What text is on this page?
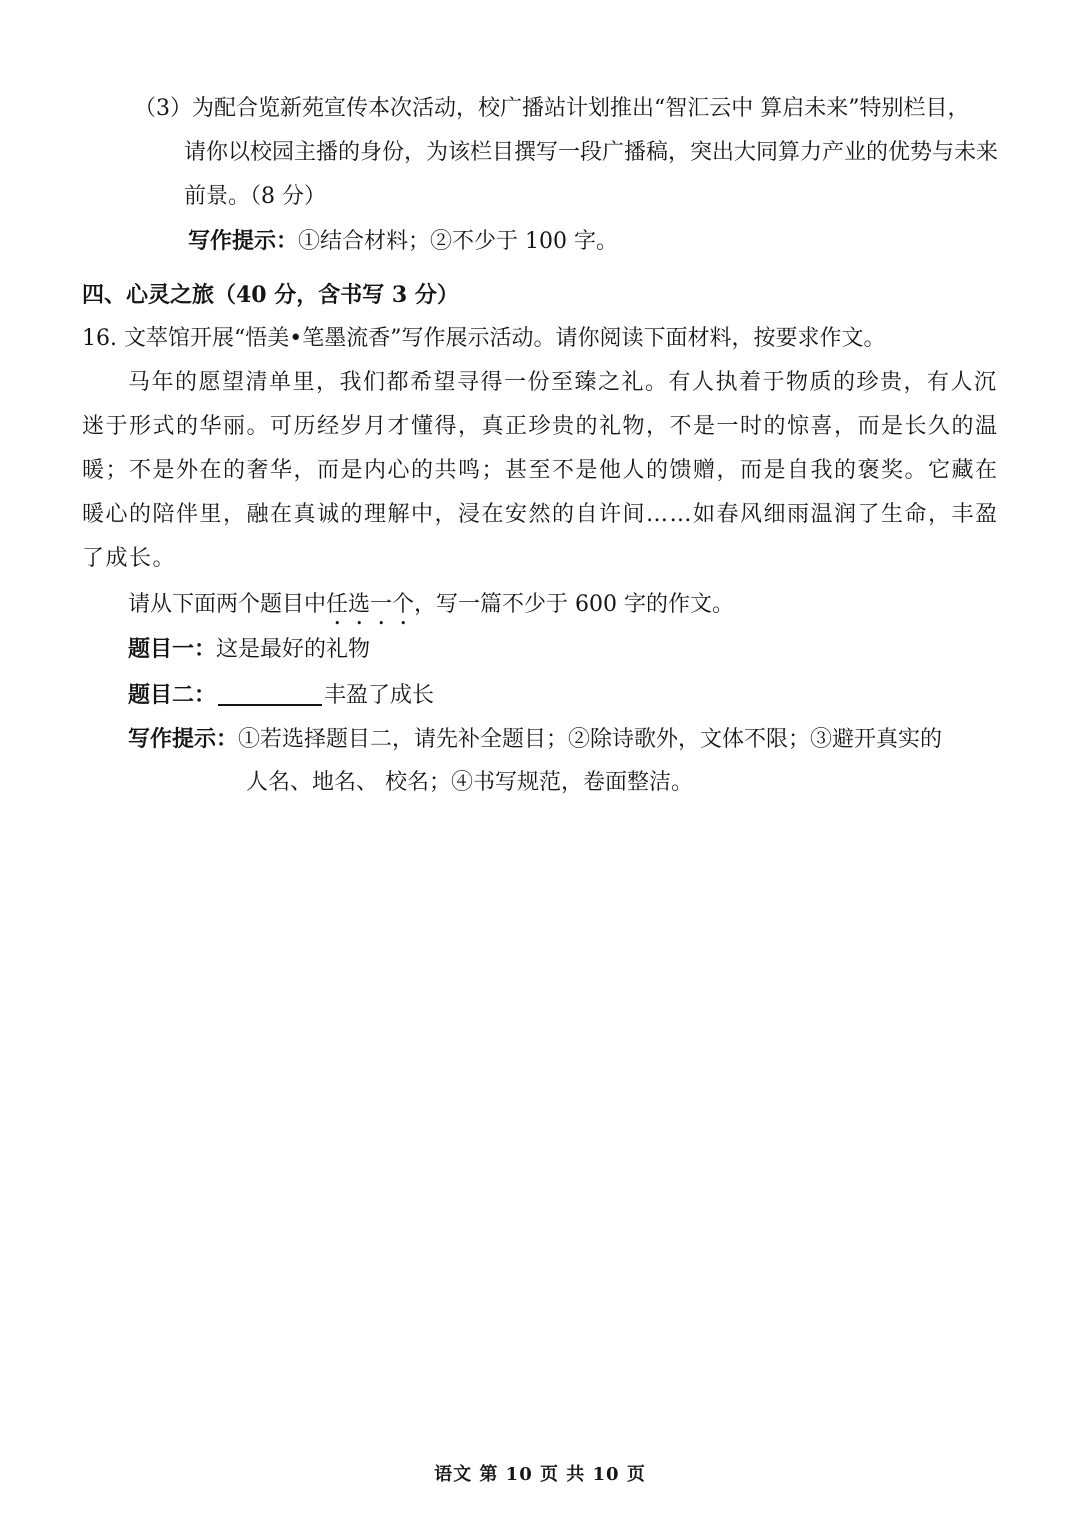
（3）为配合览新苑宣传本次活动，校广播站计划推出“智汇云中 算启未来”特别栏目，
请你以校园主播的身份，为该栏目撰写一段广播稿，突出大同算力产业的优势与未来
前景。（8 分）
写作提示：①结合材料；②不少于 100 字。
四、心灵之旅（40 分，含书写 3 分）
16. 文萃馆开展“悟美•笔墨流香”写作展示活动。请你阅读下面材料，按要求作文。
马年的愿望清单里，我们都希望寻得一份至臻之礼。有人执着于物质的珍贵，有人沉
迷于形式的华丽。可历经岁月才懂得，真正珍贵的礼物，不是一时的惊喜，而是长久的温
暖；不是外在的奢华，而是内心的共鸣；甚至不是他人的馈赠，而是自我的褒奖。它藏在
暖心的陪伴里，融在真诚的理解中，浸在安然的自许间……如春风细雨温润了生命，丰盈
了成长。
请从下面两个题目中任选一个，写一篇不少于 600 字的作文。
题目一：这是最好的礼物
题目二：	丰盈了成长
写作提示：①若选择题目二，请先补全题目；②除诗歌外，文体不限；③避开真实的
人名、地名、 校名；④书写规范，卷面整洁。
语文 第 10 页 共 10 页
